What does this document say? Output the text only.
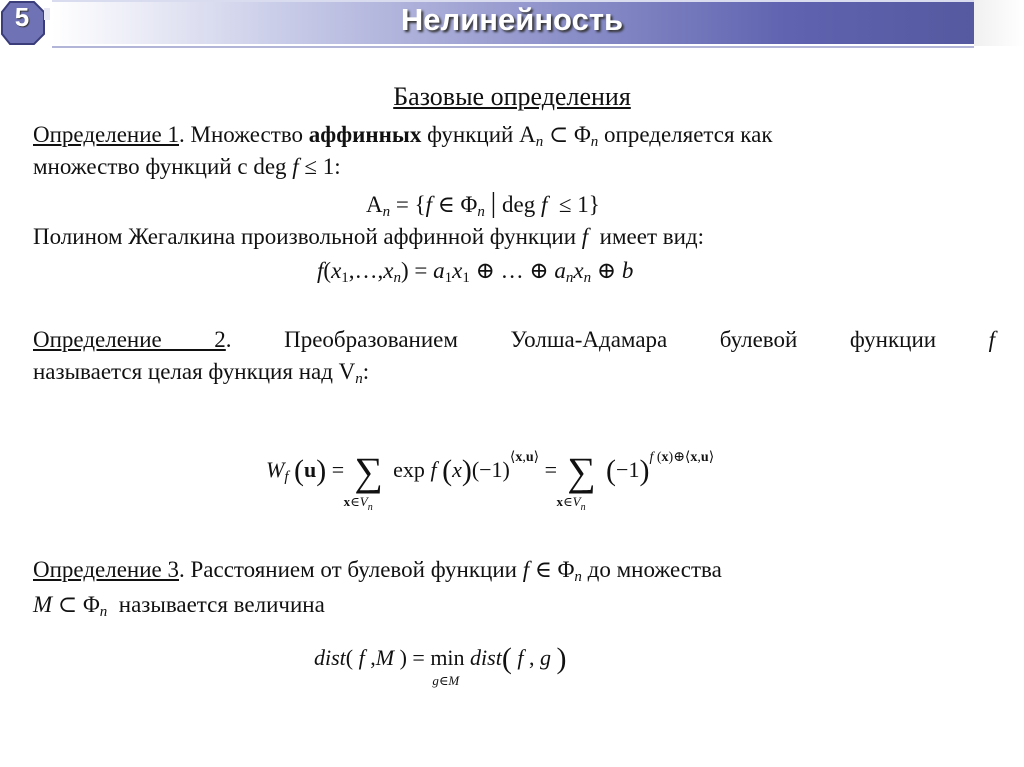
5	Нелинейность
Базовые определения
Определение 1. Множество аффинных функций $A_n$ ⊂ $\Phi_n$ определяется как
множество функций с deg f ≤ 1:
$A_n = \{f$ ∈ $\Phi_n$ | deg f  ≤ 1}
Полином Жегалкина произвольной аффинной функции f  имеет вид:
$f(x_1,\dots,x_n) = a_1x_1$ ⊕ … ⊕ $a_nx_n$ ⊕ b
Определение 2. Преобразованием Уолша-Адамара булевой функции f
называется целая функция над $V_n$:
$W_f$ (u) = ∑
$x\in V_n$
exp f $(x)(-1)^{⟨x,u⟩}$ = ∑
$x\in V_n$
$(-1)^{f (x)\oplus⟨x,u⟩}$
Определение 3. Расстоянием от булевой функции f ∈ $\Phi_n$ до множества
M ⊂ $\Phi_n$  называется величина
dist( f ,M ) = min
g∈M
dist( f , g )
